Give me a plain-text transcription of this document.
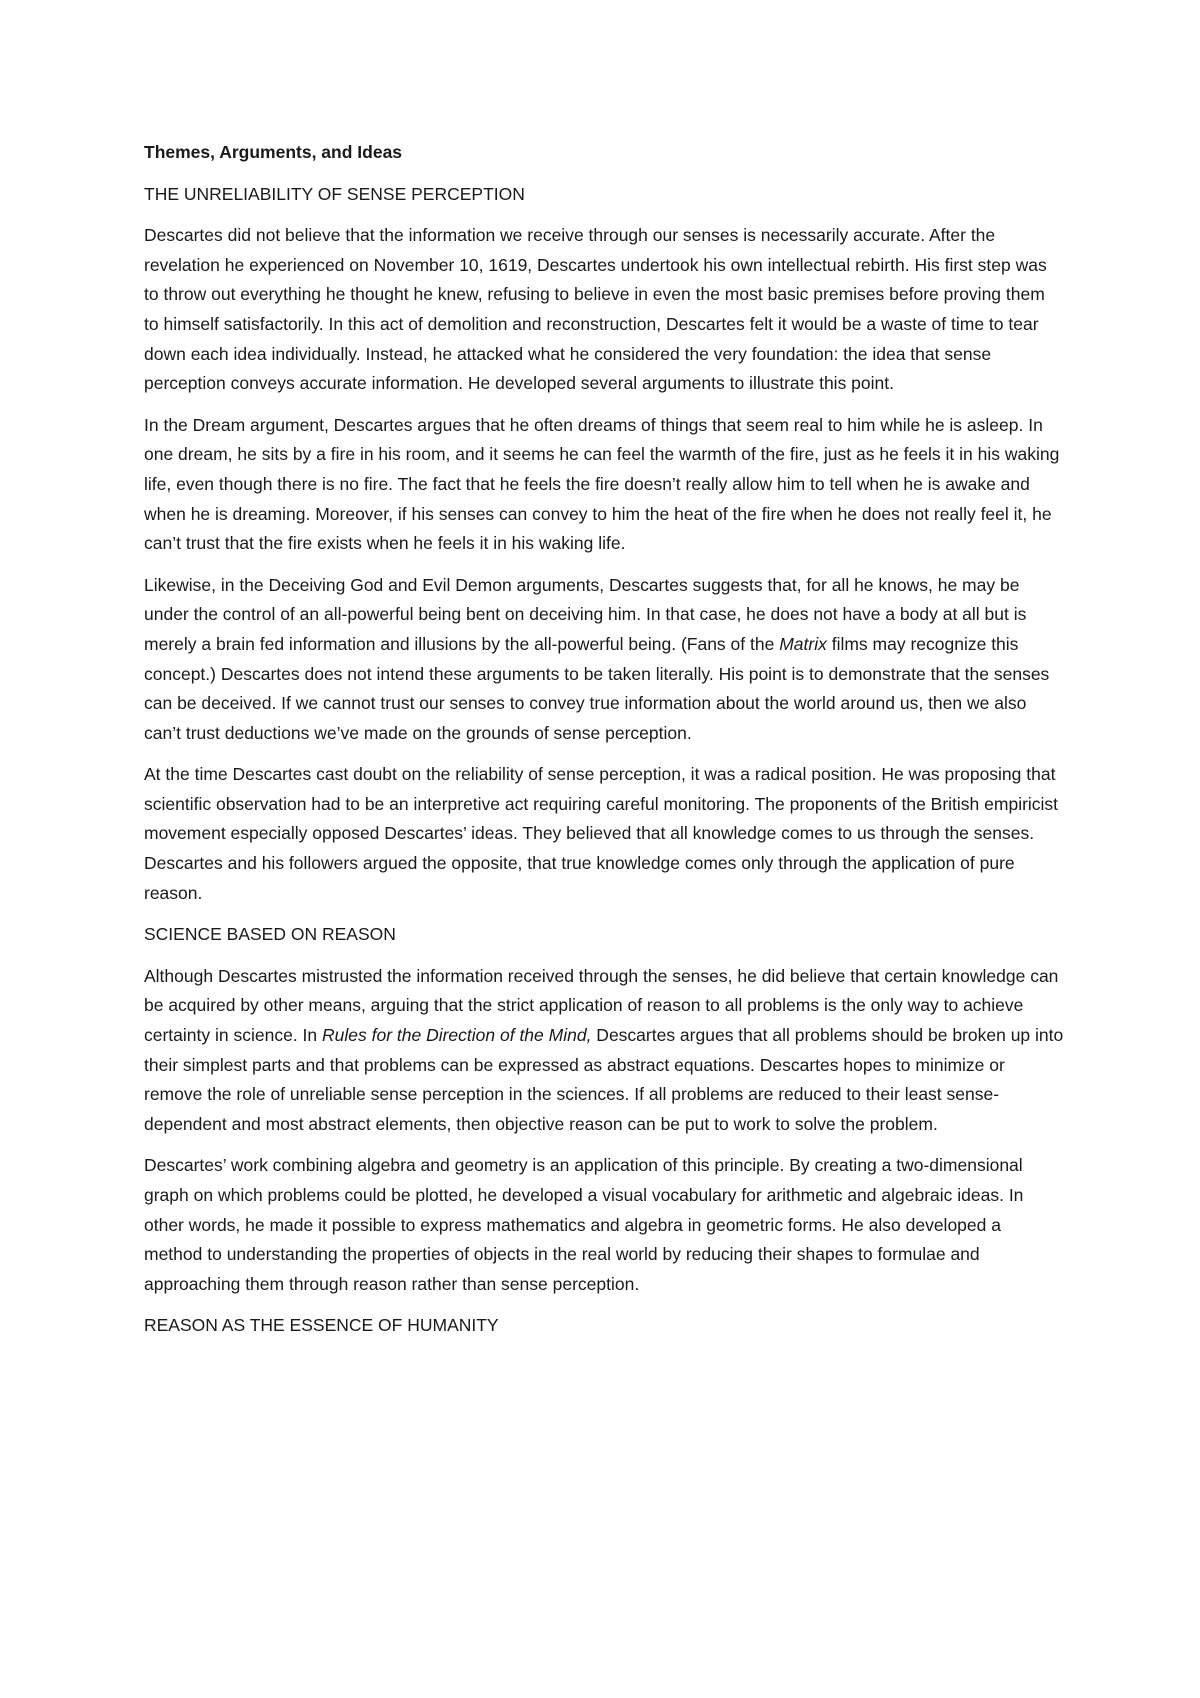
Themes, Arguments, and Ideas

THE UNRELIABILITY OF SENSE PERCEPTION

Descartes did not believe that the information we receive through our senses is necessarily accurate. After the revelation he experienced on November 10, 1619, Descartes undertook his own intellectual rebirth. His first step was to throw out everything he thought he knew, refusing to believe in even the most basic premises before proving them to himself satisfactorily. In this act of demolition and reconstruction, Descartes felt it would be a waste of time to tear down each idea individually. Instead, he attacked what he considered the very foundation: the idea that sense perception conveys accurate information. He developed several arguments to illustrate this point.

In the Dream argument, Descartes argues that he often dreams of things that seem real to him while he is asleep. In one dream, he sits by a fire in his room, and it seems he can feel the warmth of the fire, just as he feels it in his waking life, even though there is no fire. The fact that he feels the fire doesn’t really allow him to tell when he is awake and when he is dreaming. Moreover, if his senses can convey to him the heat of the fire when he does not really feel it, he can’t trust that the fire exists when he feels it in his waking life.

Likewise, in the Deceiving God and Evil Demon arguments, Descartes suggests that, for all he knows, he may be under the control of an all-powerful being bent on deceiving him. In that case, he does not have a body at all but is merely a brain fed information and illusions by the all-powerful being. (Fans of the Matrix films may recognize this concept.) Descartes does not intend these arguments to be taken literally. His point is to demonstrate that the senses can be deceived. If we cannot trust our senses to convey true information about the world around us, then we also can’t trust deductions we’ve made on the grounds of sense perception.

At the time Descartes cast doubt on the reliability of sense perception, it was a radical position. He was proposing that scientific observation had to be an interpretive act requiring careful monitoring. The proponents of the British empiricist movement especially opposed Descartes’ ideas. They believed that all knowledge comes to us through the senses. Descartes and his followers argued the opposite, that true knowledge comes only through the application of pure reason.

SCIENCE BASED ON REASON

Although Descartes mistrusted the information received through the senses, he did believe that certain knowledge can be acquired by other means, arguing that the strict application of reason to all problems is the only way to achieve certainty in science. In Rules for the Direction of the Mind, Descartes argues that all problems should be broken up into their simplest parts and that problems can be expressed as abstract equations. Descartes hopes to minimize or remove the role of unreliable sense perception in the sciences. If all problems are reduced to their least sense-dependent and most abstract elements, then objective reason can be put to work to solve the problem.

Descartes’ work combining algebra and geometry is an application of this principle. By creating a two-dimensional graph on which problems could be plotted, he developed a visual vocabulary for arithmetic and algebraic ideas. In other words, he made it possible to express mathematics and algebra in geometric forms. He also developed a method to understanding the properties of objects in the real world by reducing their shapes to formulae and approaching them through reason rather than sense perception.

REASON AS THE ESSENCE OF HUMANITY
